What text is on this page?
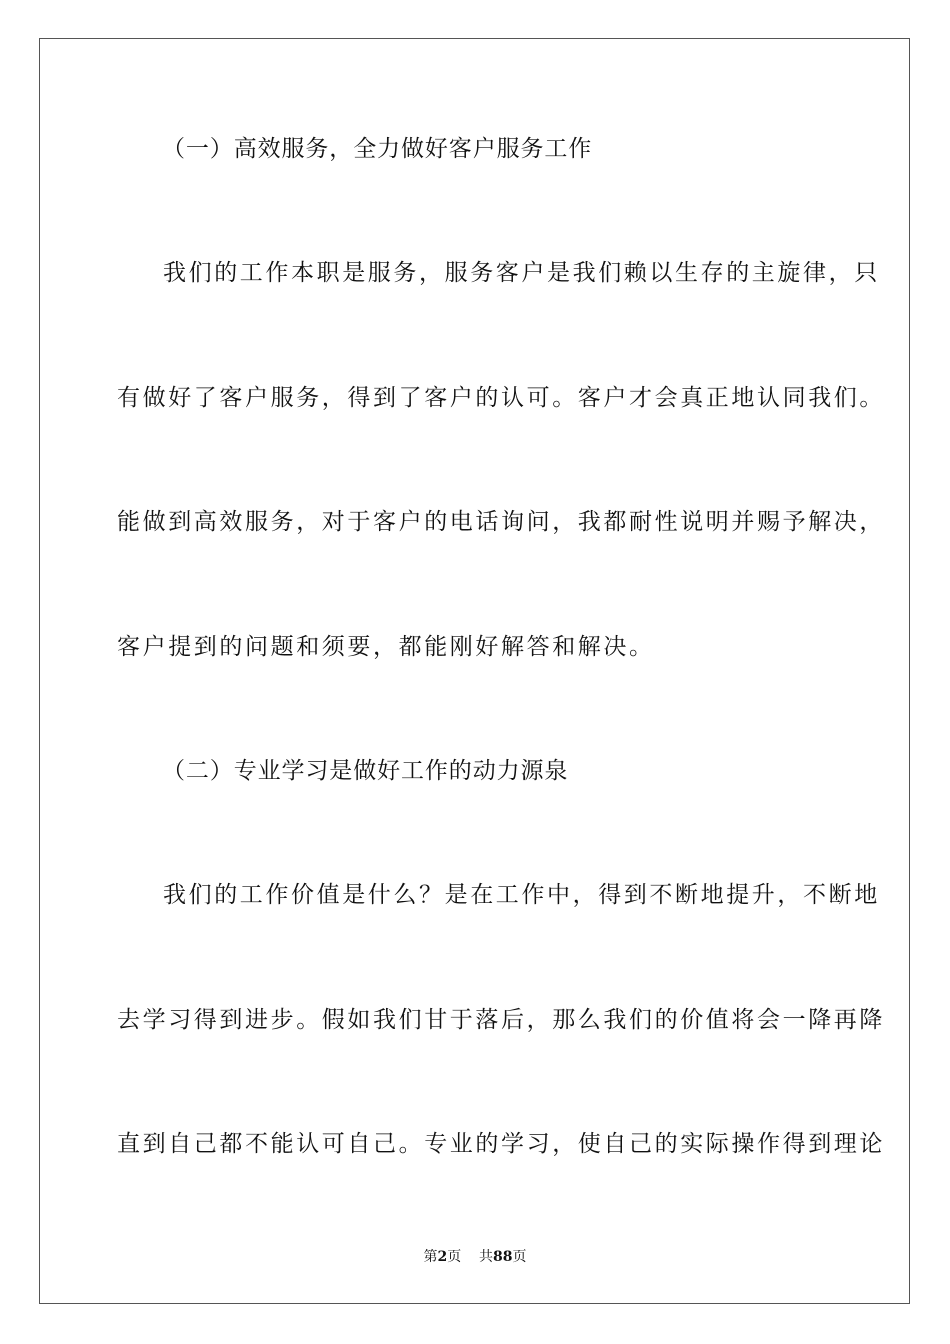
（一）高效服务，全力做好客户服务工作
我们的工作本职是服务，服务客户是我们赖以生存的主旋律，只
有做好了客户服务，得到了客户的认可。客户才会真正地认同我们。
能做到高效服务，对于客户的电话询问，我都耐性说明并赐予解决，
客户提到的问题和须要，都能刚好解答和解决。
（二）专业学习是做好工作的动力源泉
我们的工作价值是什么？是在工作中，得到不断地提升，不断地
去学习得到进步。假如我们甘于落后，那么我们的价值将会一降再降
直到自己都不能认可自己。专业的学习，使自己的实际操作得到理论
第2页 共88页
